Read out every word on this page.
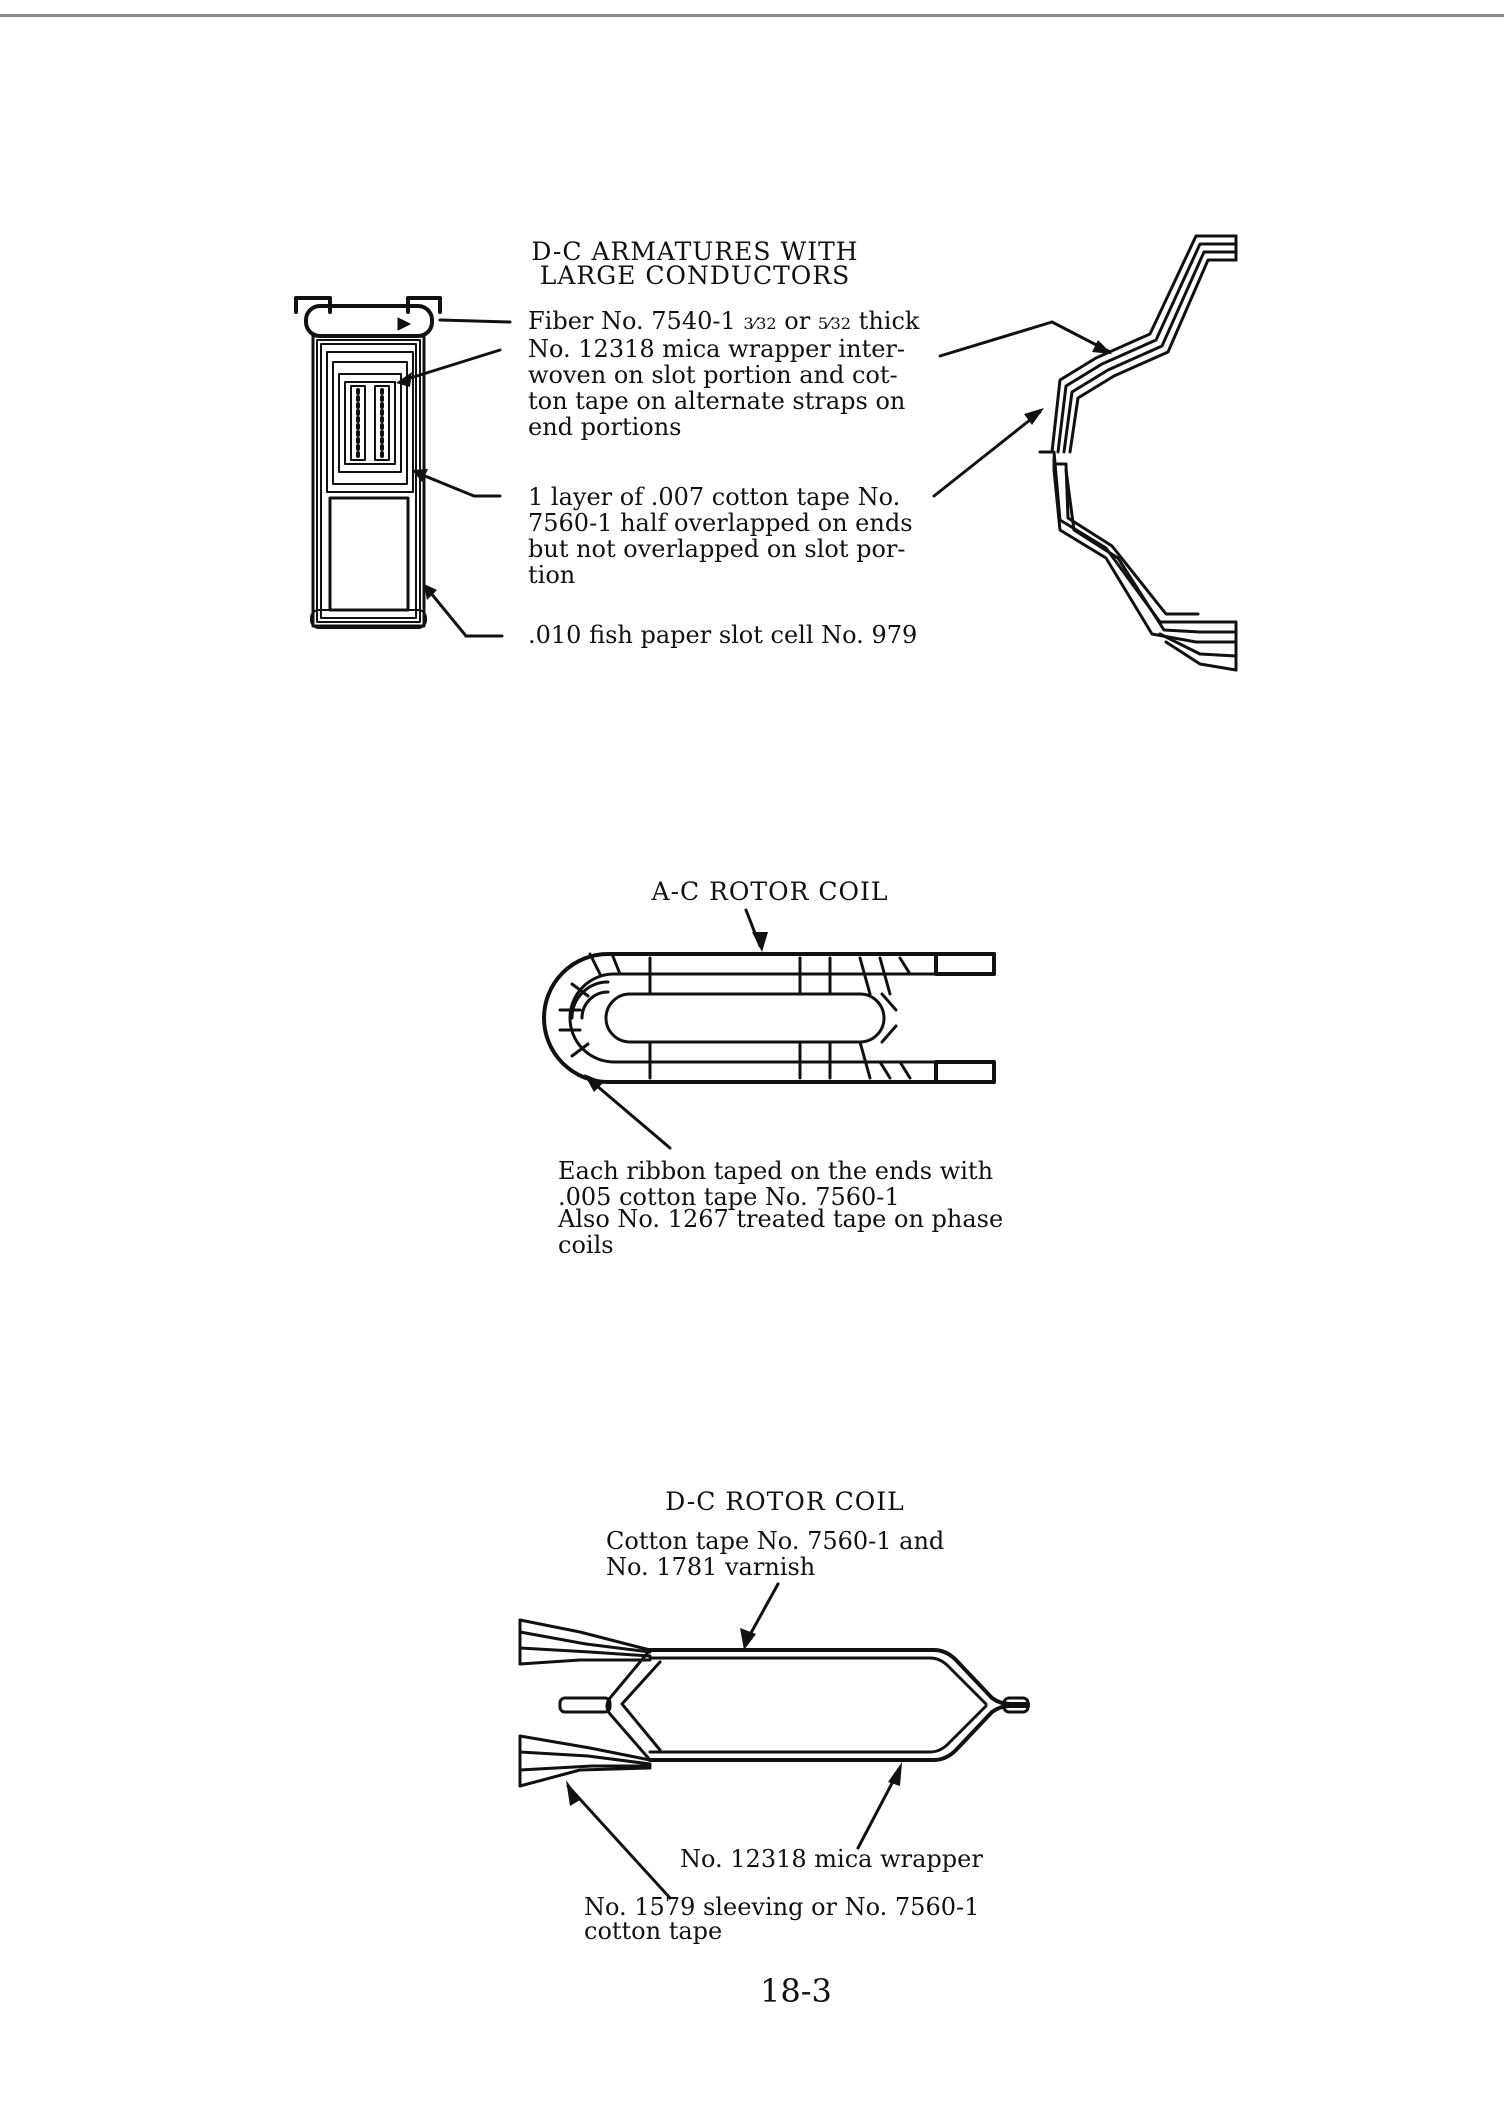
D-C ARMATURES WITH
LARGE CONDUCTORS
Fiber No. 7540-1 3⁄32 or 5⁄32 thick
No. 12318 mica wrapper inter-
woven on slot portion and cot-
ton tape on alternate straps on
end portions
1 layer of .007 cotton tape No.
7560-1 half overlapped on ends
but not overlapped on slot por-
tion
.010 fish paper slot cell No. 979
A-C ROTOR COIL
Each ribbon taped on the ends with
.005 cotton tape No. 7560-1
Also No. 1267 treated tape on phase
coils
D-C ROTOR COIL
Cotton tape No. 7560-1 and
No. 1781 varnish
No. 12318 mica wrapper
No. 1579 sleeving or No. 7560-1
cotton tape
18-3
